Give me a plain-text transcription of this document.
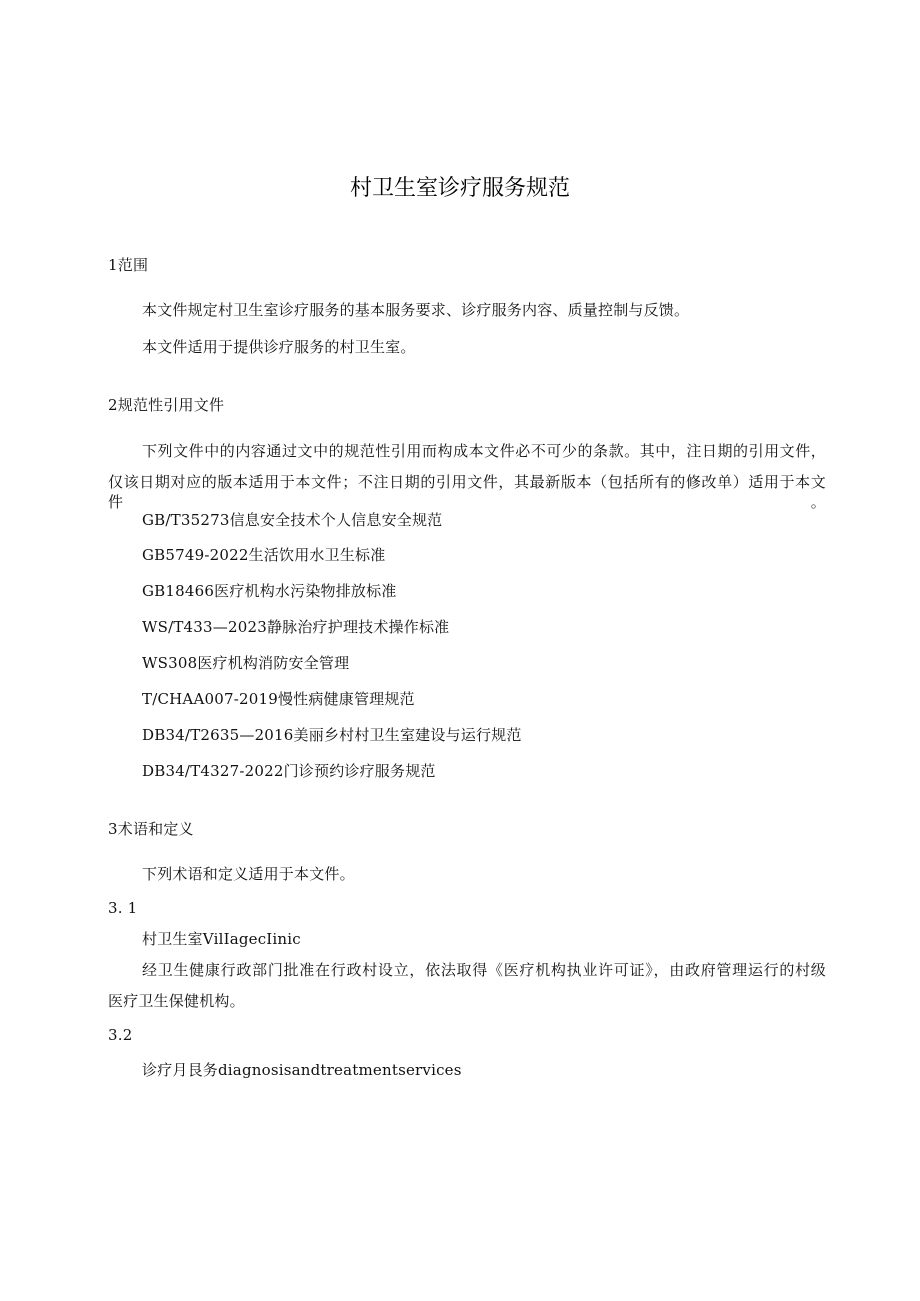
村卫生室诊疗服务规范
1范围
本文件规定村卫生室诊疗服务的基本服务要求、诊疗服务内容、质量控制与反馈。
本文件适用于提供诊疗服务的村卫生室。
2规范性引用文件
下列文件中的内容通过文中的规范性引用而构成本文件必不可少的条款。其中，注日期的引用文件，
仅该日期对应的版本适用于本文件；不注日期的引用文件，其最新版本（包括所有的修改单）适用于本文件。
GB/T35273信息安全技术个人信息安全规范
GB5749-2022生活饮用水卫生标准
GB18466医疗机构水污染物排放标准
WS/T433—2023静脉治疗护理技术操作标准
WS308医疗机构消防安全管理
T/CHAA007-2019慢性病健康管理规范
DB34/T2635—2016美丽乡村村卫生室建设与运行规范
DB34/T4327-2022门诊预约诊疗服务规范
3术语和定义
下列术语和定义适用于本文件。
3. 1
村卫生室VilIagecIinic
经卫生健康行政部门批准在行政村设立，依法取得《医疗机构执业许可证》，由政府管理运行的村级
医疗卫生保健机构。
3.2
诊疗月艮务diagnosisandtreatmentservices
